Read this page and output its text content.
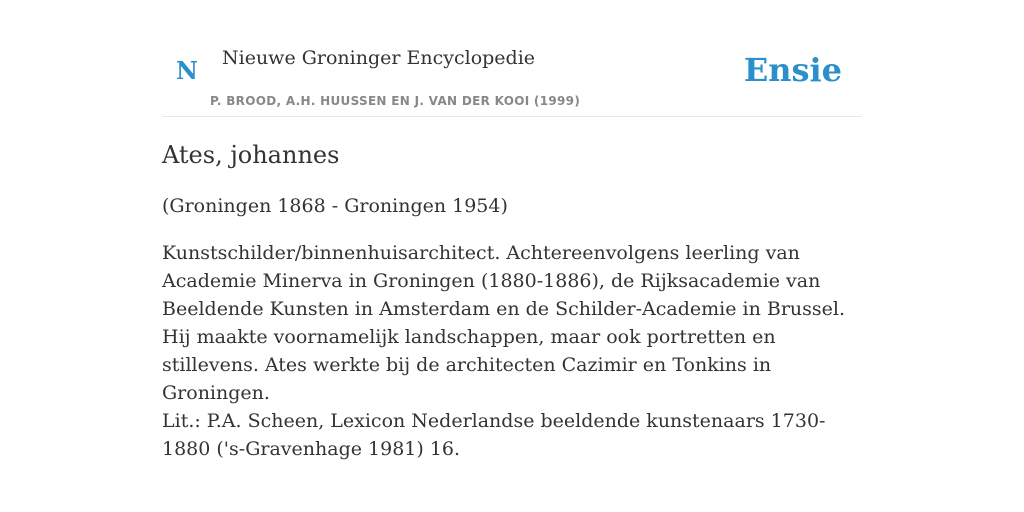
N Nieuwe Groninger Encyclopedie
P. BROOD, A.H. HUUSSEN EN J. VAN DER KOOI (1999)
Ensie
Ates, johannes
(Groningen 1868 - Groningen 1954)
Kunstschilder/binnenhuisarchitect. Achtereenvolgens leerling van Academie Minerva in Groningen (1880-1886), de Rijksacademie van Beeldende Kunsten in Amsterdam en de Schilder-Academie in Brussel. Hij maakte voornamelijk landschappen, maar ook portretten en stillevens. Ates werkte bij de architecten Cazimir en Tonkins in Groningen.
Lit.: P.A. Scheen, Lexicon Nederlandse beeldende kunstenaars 1730-1880 ('s-Gravenhage 1981) 16.
